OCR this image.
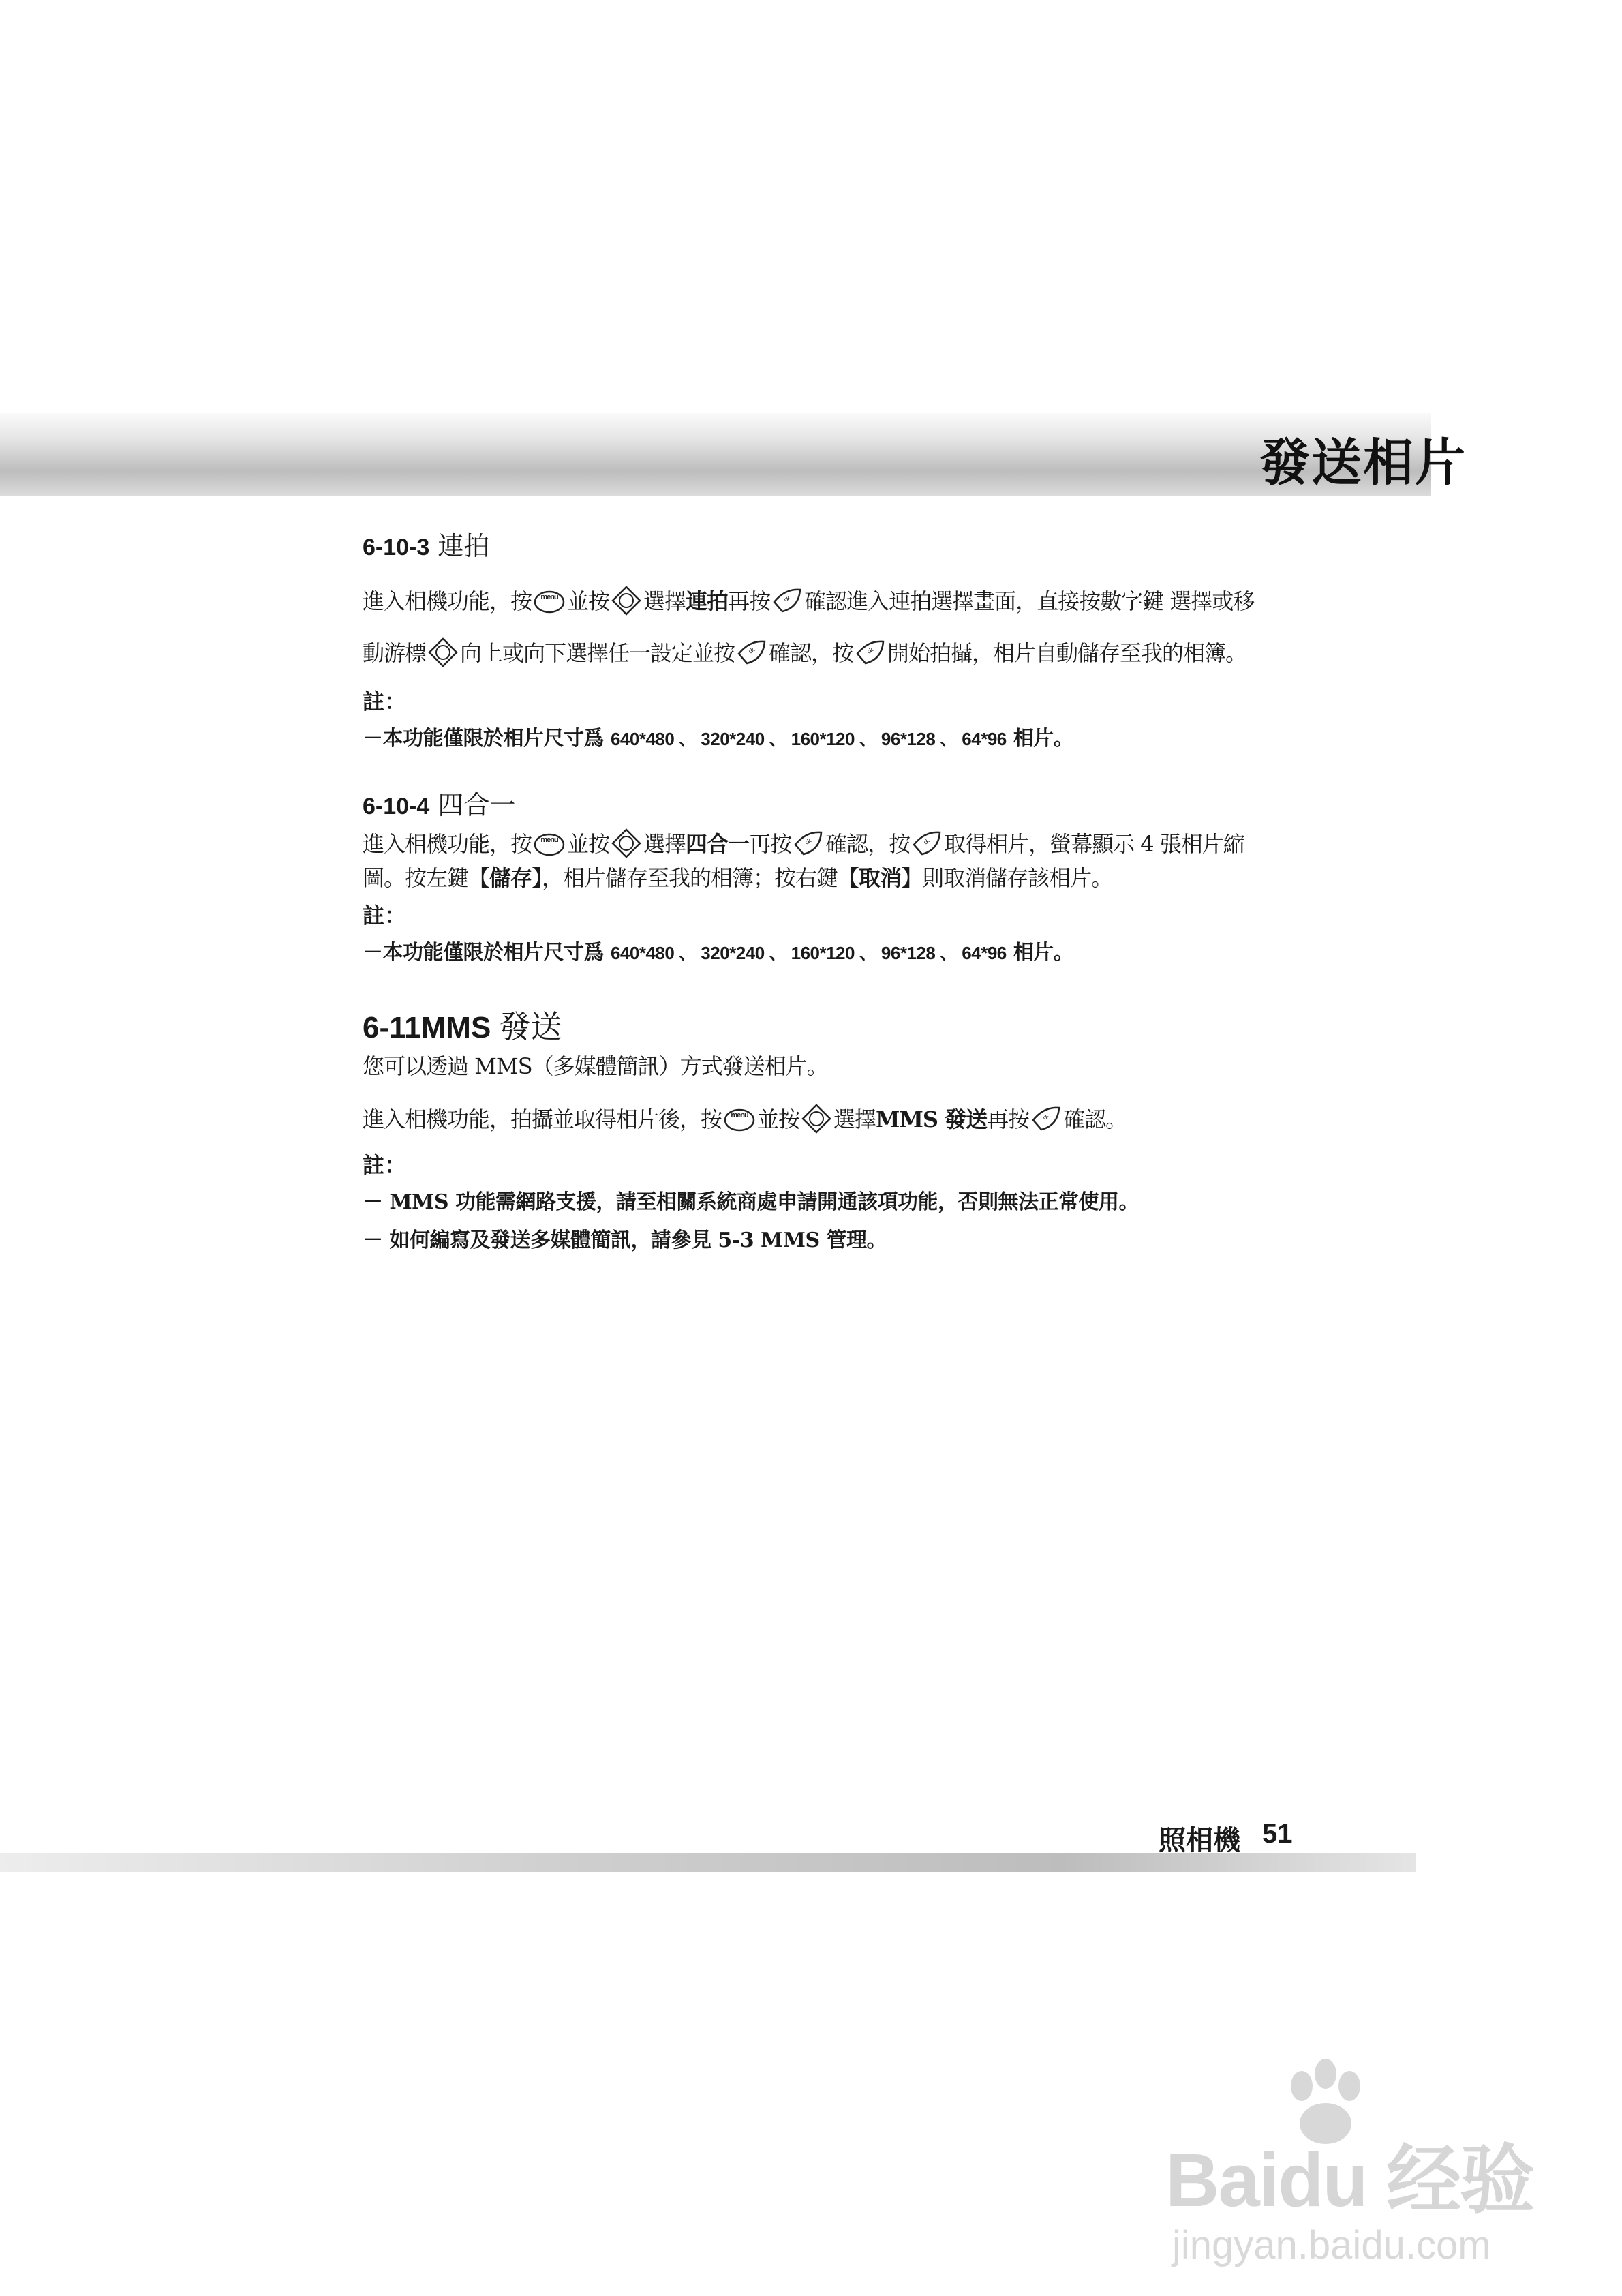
發送相片
6-10-3 連拍
進入相機功能，按 menu 並按 選擇連拍再按 ok 確認進入連拍選擇畫面，直接按數字鍵 選擇或移
動游標 向上或向下選擇任一設定並按 ok 確認，按 ok 開始拍攝，相片自動儲存至我的相簿。
註：
－本功能僅限於相片尺寸爲 640*480 、 320*240 、 160*120 、 96*128 、 64*96 相片。
6-10-4 四合一
進入相機功能，按 menu 並按 選擇四合一再按 ok 確認，按 ok 取得相片，螢幕顯示 4 張相片縮
圖。按左鍵【儲存】，相片儲存至我的相簿；按右鍵【取消】則取消儲存該相片。
註：
－本功能僅限於相片尺寸爲 640*480 、 320*240 、 160*120 、 96*128 、 64*96 相片。
6-11MMS 發送
您可以透過 MMS（多媒體簡訊）方式發送相片。
進入相機功能，拍攝並取得相片後，按 menu 並按 選擇MMS 發送再按 ok 確認。
註：
－ MMS 功能需網路支援，請至相關系統商處申請開通該項功能，否則無法正常使用。
－ 如何編寫及發送多媒體簡訊，請參見 5-3 MMS 管理。
照相機 51
Baidu 经验
jingyan.baidu.com
